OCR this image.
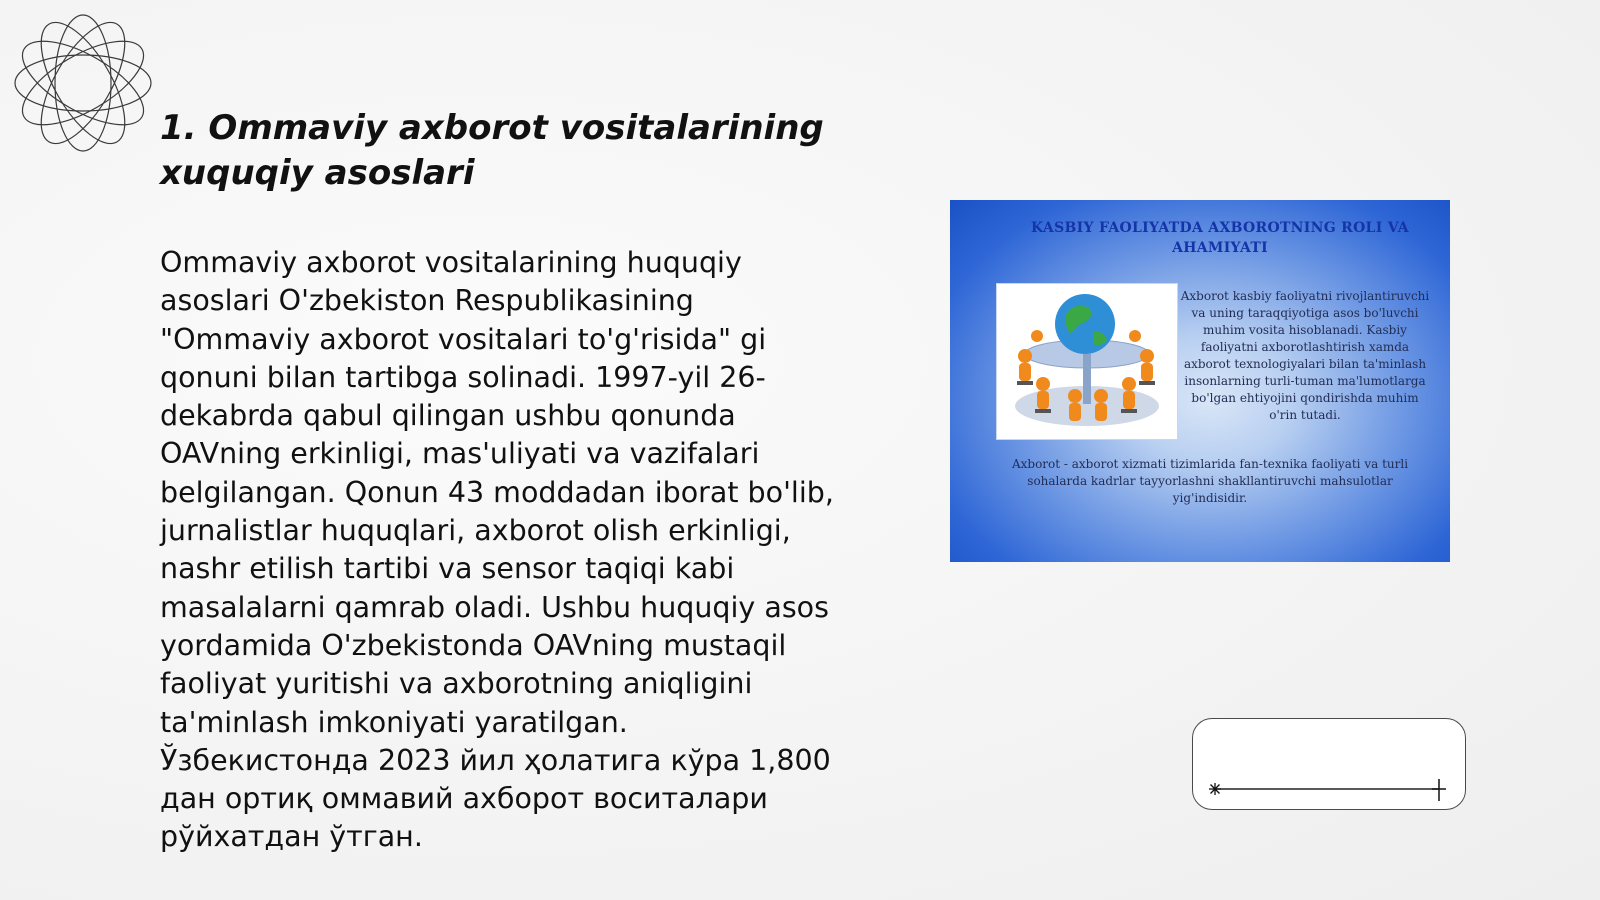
1. Ommaviy axborot vositalarining xuquqiy asoslari

Ommaviy axborot vositalarining huquqiy asoslari O'zbekiston Respublikasining "Ommaviy axborot vositalari to'g'risida" gi qonuni bilan tartibga solinadi. 1997-yil 26-dekabrda qabul qilingan ushbu qonunda OAVning erkinligi, mas'uliyati va vazifalari belgilangan. Qonun 43 moddadan iborat bo'lib, jurnalistlar huquqlari, axborot olish erkinligi, nashr etilish tartibi va sensor taqiqi kabi masalalarni qamrab oladi. Ushbu huquqiy asos yordamida O'zbekistonda OAVning mustaqil faoliyat yuritishi va axborotning aniqligini ta'minlash imkoniyati yaratilgan. Ўзбекистонда 2023 йил ҳолатига кўра 1,800 дан ортиқ оммавий ахборот воситалари рўйхатдан ўтган.

KASBIY FAOLIYATDA AXBOROTNING ROLI VA AHAMIYATI
Axborot kasbiy faoliyatni rivojlantiruvchi va uning taraqqiyotiga asos bo'luvchi muhim vosita hisoblanadi. Kasbiy faoliyatni axborotlashtirish xamda axborot texnologiyalari bilan ta'minlash insonlarning turli-tuman ma'lumotlarga bo'lgan ehtiyojini qondirishda muhim o'rin tutadi.
Axborot - axborot xizmati tizimlarida fan-texnika faoliyati va turli sohalarda kadrlar tayyorlashni shakllantiruvchi mahsulotlar yig'indisidir.
